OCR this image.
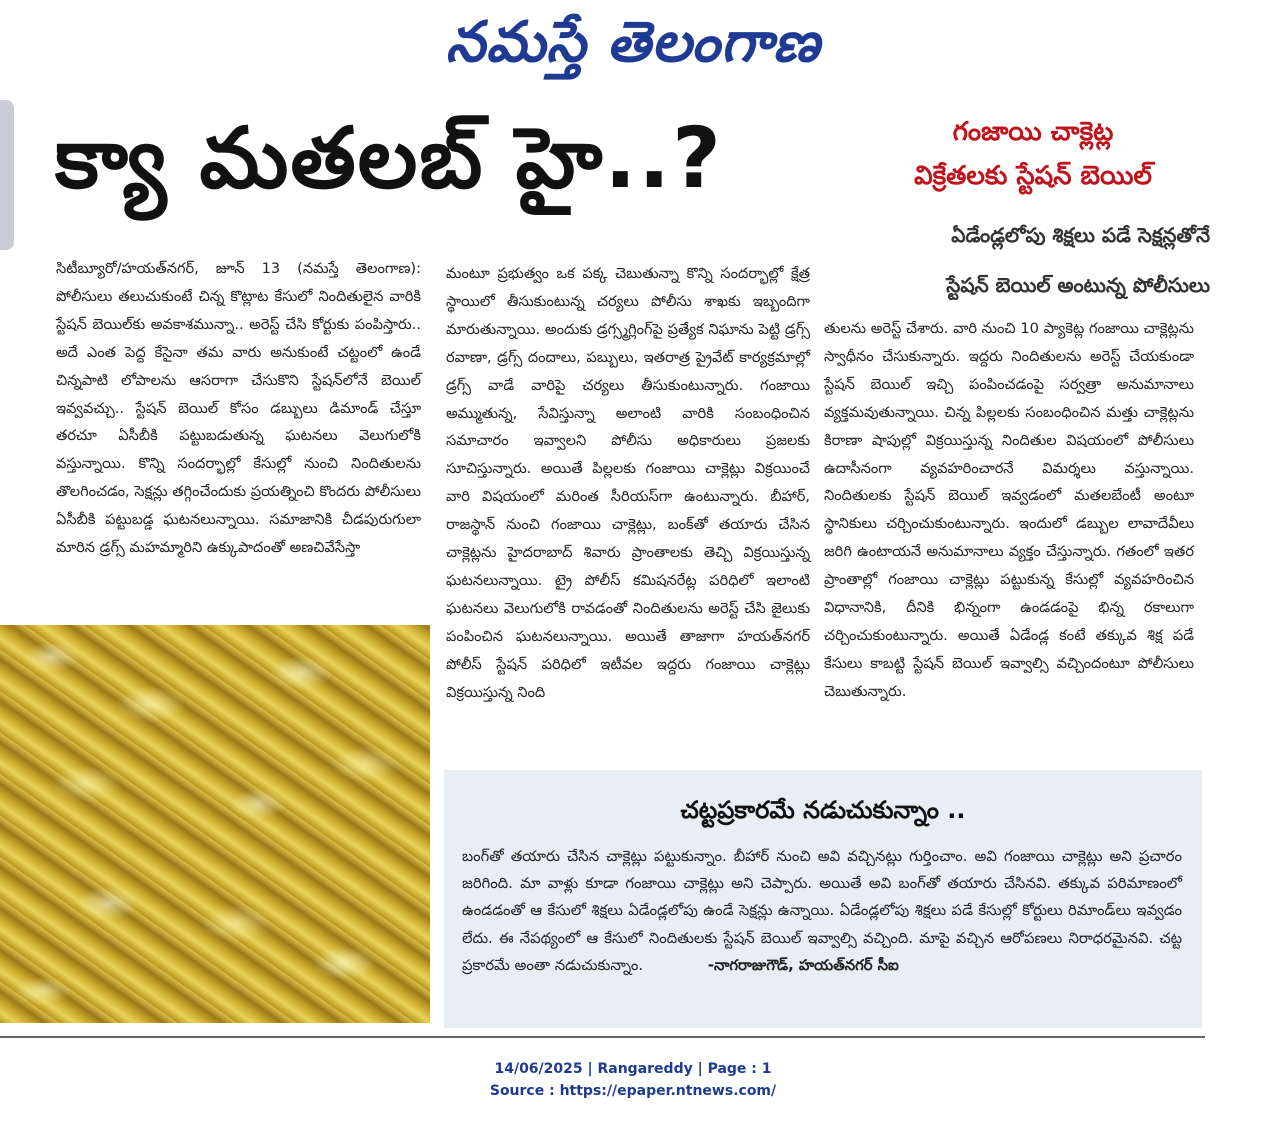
నమస్తే తెలంగాణ
క్యా మతలబ్ హై..?	గంజాయి చాక్లెట్ల
విక్రేతలకు స్టేషన్ బెయిల్
ఏడేండ్లలోపు శిక్షలు పడే సెక్షన్లతోనే
స్టేషన్ బెయిల్ అంటున్న పోలీసులు
సిటీబ్యూరో/హయత్‌నగర్, జూన్ 13 (నమస్తే తెలంగాణ): పోలీసులు తలుచుకుంటే చిన్న కొట్లాట కేసులో నిందితులైన వారికి స్టేషన్ బెయిల్‌కు అవకాశమున్నా.. అరెస్ట్ చేసి కోర్టుకు పంపిస్తారు.. అదే ఎంత పెద్ద కేసైనా తమ వారు అనుకుంటే చట్టంలో ఉండే చిన్నపాటి లోపాలను ఆసరాగా చేసుకొని స్టేషన్‌లోనే బెయిల్ ఇవ్వవచ్చు.. స్టేషన్ బెయిల్ కోసం డబ్బులు డిమాండ్ చేస్తూ తరచూ ఏసీబీకి పట్టుబడుతున్న ఘటనలు వెలుగులోకి వస్తున్నాయి. కొన్ని సందర్భాల్లో కేసుల్లో నుంచి నిందితులను తొలగించడం, సెక్షన్లు తగ్గించేందుకు ప్రయత్నించి కొందరు పోలీసులు ఏసీబీకి పట్టుబడ్డ ఘటనలున్నాయి. సమాజానికి చీడపురుగులా మారిన డ్రగ్స్ మహమ్మారిని ఉక్కుపాదంతో అణచివేసేస్తా
మంటూ ప్రభుత్వం ఒక పక్క చెబుతున్నా కొన్ని సందర్భాల్లో క్షేత్ర స్థాయిలో తీసుకుంటున్న చర్యలు పోలీసు శాఖకు ఇబ్బందిగా మారుతున్నాయి. అందుకు డ్రగ్స్మగ్లింగ్‌పై ప్రత్యేక నిఘాను పెట్టి డ్రగ్స్ రవాణా, డ్రగ్స్ దందాలు, పబ్బులు, ఇతరాత్ర ప్రైవేట్ కార్యక్రమాల్లో డ్రగ్స్ వాడే వారిపై చర్యలు తీసుకుంటున్నారు. గంజాయి అమ్ముతున్న, సేవిస్తున్నా అలాంటి వారికి సంబంధించిన సమాచారం ఇవ్వాలని పోలీసు అధికారులు ప్రజలకు సూచిస్తున్నారు. అయితే పిల్లలకు గంజాయి చాక్లెట్లు విక్రయించే వారి విషయంలో మరింత సీరియస్‌గా ఉంటున్నారు. బీహార్, రాజస్థాన్ నుంచి గంజాయి చాక్లెట్లు, బంక్‌తో తయారు చేసిన చాక్లెట్లను హైదరాబాద్ శివారు ప్రాంతాలకు తెచ్చి విక్రయిస్తున్న ఘటనలున్నాయి. ట్రై పోలీస్ కమిషనరేట్ల పరిధిలో ఇలాంటి ఘటనలు వెలుగులోకి రావడంతో నిందితులను అరెస్ట్ చేసి జైలుకు పంపించిన ఘటనలున్నాయి. అయితే తాజాగా హయత్‌నగర్ పోలీస్ స్టేషన్ పరిధిలో ఇటీవల ఇద్దరు గంజాయి చాక్లెట్లు విక్రయిస్తున్న నింది
తులను అరెస్ట్ చేశారు. వారి నుంచి 10 ప్యాకెట్ల గంజాయి చాక్లెట్లను స్వాధీనం చేసుకున్నారు. ఇద్దరు నిందితులను అరెస్ట్ చేయకుండా స్టేషన్ బెయిల్ ఇచ్చి పంపించడంపై సర్వత్రా అనుమానాలు వ్యక్తమవుతున్నాయి. చిన్న పిల్లలకు సంబంధించిన మత్తు చాక్లెట్లను కిరాణా షాపుల్లో విక్రయిస్తున్న నిందితుల విషయంలో పోలీసులు ఉదాసీనంగా వ్యవహరించారనే విమర్శలు వస్తున్నాయి. నిందితులకు స్టేషన్ బెయిల్ ఇవ్వడంలో మతలబేంటీ అంటూ స్థానికులు చర్చించుకుంటున్నారు. ఇందులో డబ్బుల లావాదేవీలు జరిగి ఉంటాయనే అనుమానాలు వ్యక్తం చేస్తున్నారు. గతంలో ఇతర ప్రాంతాల్లో గంజాయి చాక్లెట్లు పట్టుకున్న కేసుల్లో వ్యవహరించిన విధానానికి, దీనికి భిన్నంగా ఉండడంపై భిన్న రకాలుగా చర్చించుకుంటున్నారు. అయితే ఏడేండ్ల కంటే తక్కువ శిక్ష పడే కేసులు కాబట్టి స్టేషన్ బెయిల్ ఇవ్వాల్సి వచ్చిందంటూ పోలీసులు చెబుతున్నారు.
చట్టప్రకారమే నడుచుకున్నాం ..
బంగ్‌తో తయారు చేసిన చాక్లెట్లు పట్టుకున్నాం. బీహార్ నుంచి అవి వచ్చినట్లు గుర్తించాం. అవి గంజాయి చాక్లెట్లు అని ప్రచారం జరిగింది. మా వాళ్లు కూడా గంజాయి చాక్లెట్లు అని చెప్పారు. అయితే అవి బంగ్‌తో తయారు చేసినవి. తక్కువ పరిమాణంలో ఉండడంతో ఆ కేసులో శిక్షలు ఏడేండ్లలోపు ఉండే సెక్షన్లు ఉన్నాయి. ఏడేండ్లలోపు శిక్షలు పడే కేసుల్లో కోర్టులు రిమాండ్‌లు ఇవ్వడం లేదు. ఈ నేపథ్యంలో ఆ కేసులో నిందితులకు స్టేషన్ బెయిల్ ఇవ్వాల్సి వచ్చింది. మాపై వచ్చిన ఆరోపణలు నిరాధరమైనవి. చట్ట ప్రకారమే అంతా నడుచుకున్నాం.	-నాగరాజుగౌడ్, హయత్‌నగర్ సీఐ
14/06/2025 | Rangareddy | Page : 1
Source : https://epaper.ntnews.com/
